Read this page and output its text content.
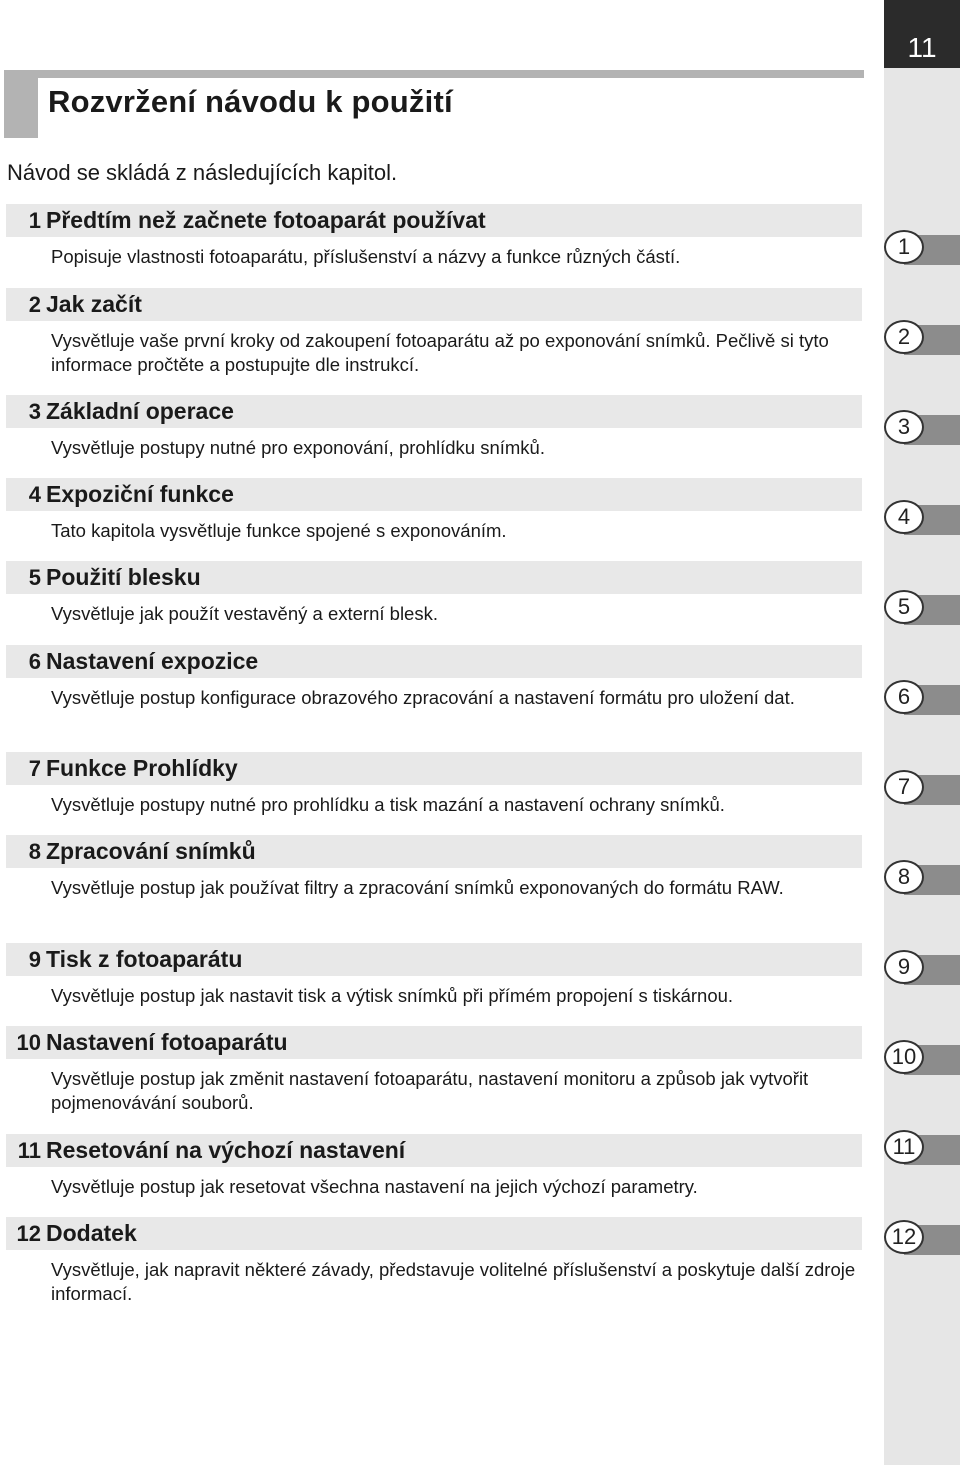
11
1
2
3
4
5
6
7
8
9
10
11
12
Rozvržení návodu k použití

Návod se skládá z následujících kapitol.

1 Předtím než začnete fotoaparát používat
Popisuje vlastnosti fotoaparátu, příslušenství a názvy a funkce různých částí.
2 Jak začít
Vysvětluje vaše první kroky od zakoupení fotoaparátu až po exponování snímků. Pečlivě si tyto informace pročtěte a postupujte dle instrukcí.
3 Základní operace
Vysvětluje postupy nutné pro exponování, prohlídku snímků.
4 Expoziční funkce
Tato kapitola vysvětluje funkce spojené s exponováním.
5 Použití blesku
Vysvětluje jak použít vestavěný a externí blesk.
6 Nastavení expozice
Vysvětluje postup konfigurace obrazového zpracování a nastavení formátu pro uložení dat.
7 Funkce Prohlídky
Vysvětluje postupy nutné pro prohlídku a tisk mazání a nastavení ochrany snímků.
8 Zpracování snímků
Vysvětluje postup jak používat filtry a zpracování snímků exponovaných do formátu RAW.
9 Tisk z fotoaparátu
Vysvětluje postup jak nastavit tisk a výtisk snímků při přímém propojení s tiskárnou.
10 Nastavení fotoaparátu
Vysvětluje postup jak změnit nastavení fotoaparátu, nastavení monitoru a způsob jak vytvořit pojmenovávání souborů.
11 Resetování na výchozí nastavení
Vysvětluje postup jak resetovat všechna nastavení na jejich výchozí parametry.
12 Dodatek
Vysvětluje, jak napravit některé závady, představuje volitelné příslušenství a poskytuje další zdroje informací.
